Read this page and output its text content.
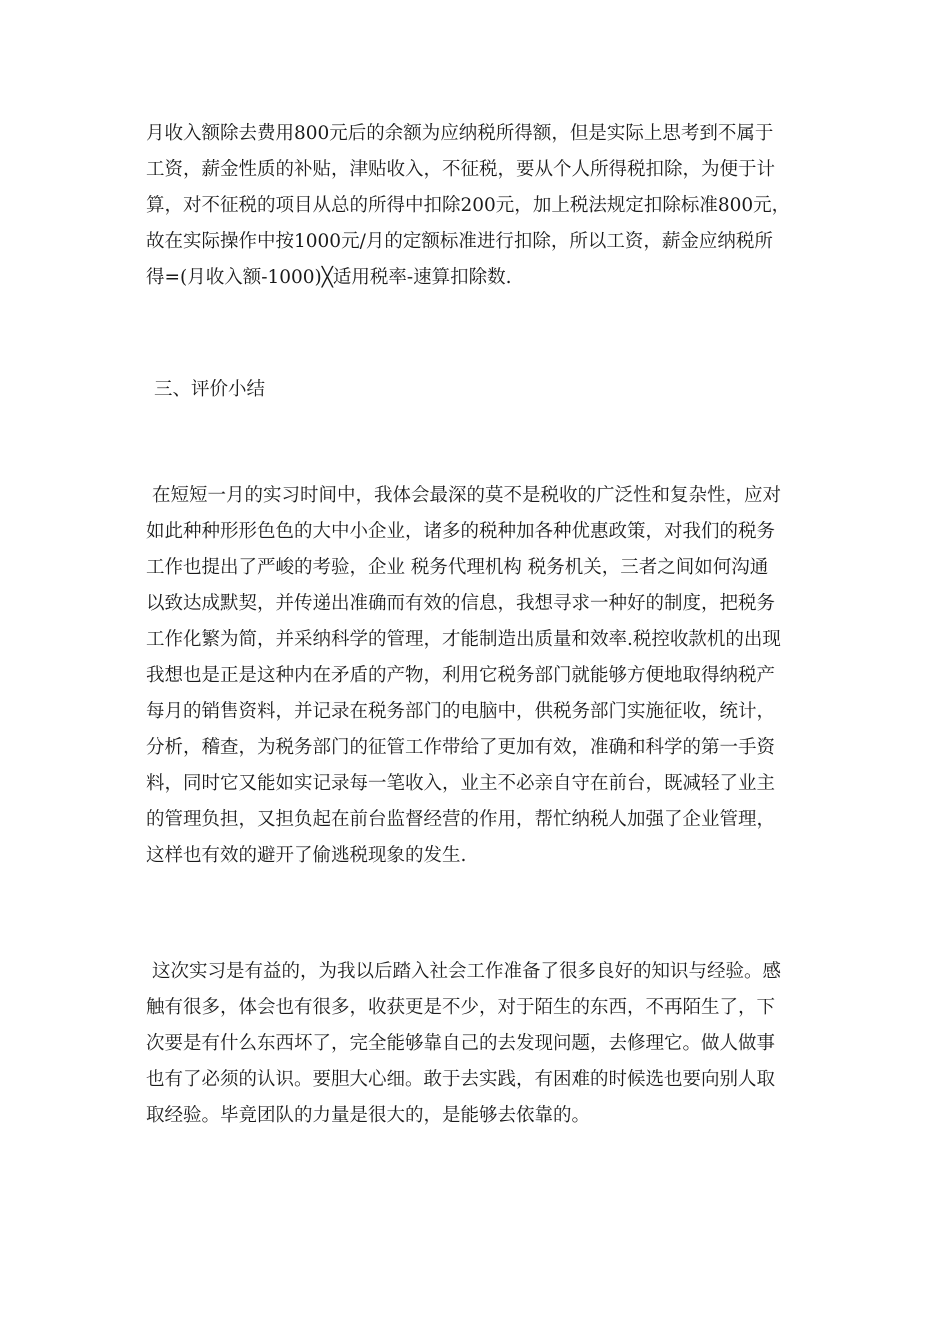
月收入额除去费用800元后的余额为应纳税所得额，但是实际上思考到不属于
工资，薪金性质的补贴，津贴收入，不征税，要从个人所得税扣除，为便于计
算，对不征税的项目从总的所得中扣除200元，加上税法规定扣除标准800元，
故在实际操作中按1000元/月的定额标准进行扣除，所以工资，薪金应纳税所
得=(月收入额-1000)╳适用税率-速算扣除数.
三、评价小结
在短短一月的实习时间中，我体会最深的莫不是税收的广泛性和复杂性，应对
如此种种形形色色的大中小企业，诸多的税种加各种优惠政策，对我们的税务
工作也提出了严峻的考验，企业 税务代理机构 税务机关，三者之间如何沟通
以致达成默契，并传递出准确而有效的信息，我想寻求一种好的制度，把税务
工作化繁为简，并采纳科学的管理，才能制造出质量和效率.税控收款机的出现
我想也是正是这种内在矛盾的产物，利用它税务部门就能够方便地取得纳税产
每月的销售资料，并记录在税务部门的电脑中，供税务部门实施征收，统计，
分析，稽查，为税务部门的征管工作带给了更加有效，准确和科学的第一手资
料，同时它又能如实记录每一笔收入，业主不必亲自守在前台，既减轻了业主
的管理负担，又担负起在前台监督经营的作用，帮忙纳税人加强了企业管理，
这样也有效的避开了偷逃税现象的发生.
这次实习是有益的，为我以后踏入社会工作准备了很多良好的知识与经验。感
触有很多，体会也有很多，收获更是不少，对于陌生的东西，不再陌生了，下
次要是有什么东西坏了，完全能够靠自己的去发现问题，去修理它。做人做事
也有了必须的认识。要胆大心细。敢于去实践，有困难的时候选也要向别人取
取经验。毕竟团队的力量是很大的，是能够去依靠的。
